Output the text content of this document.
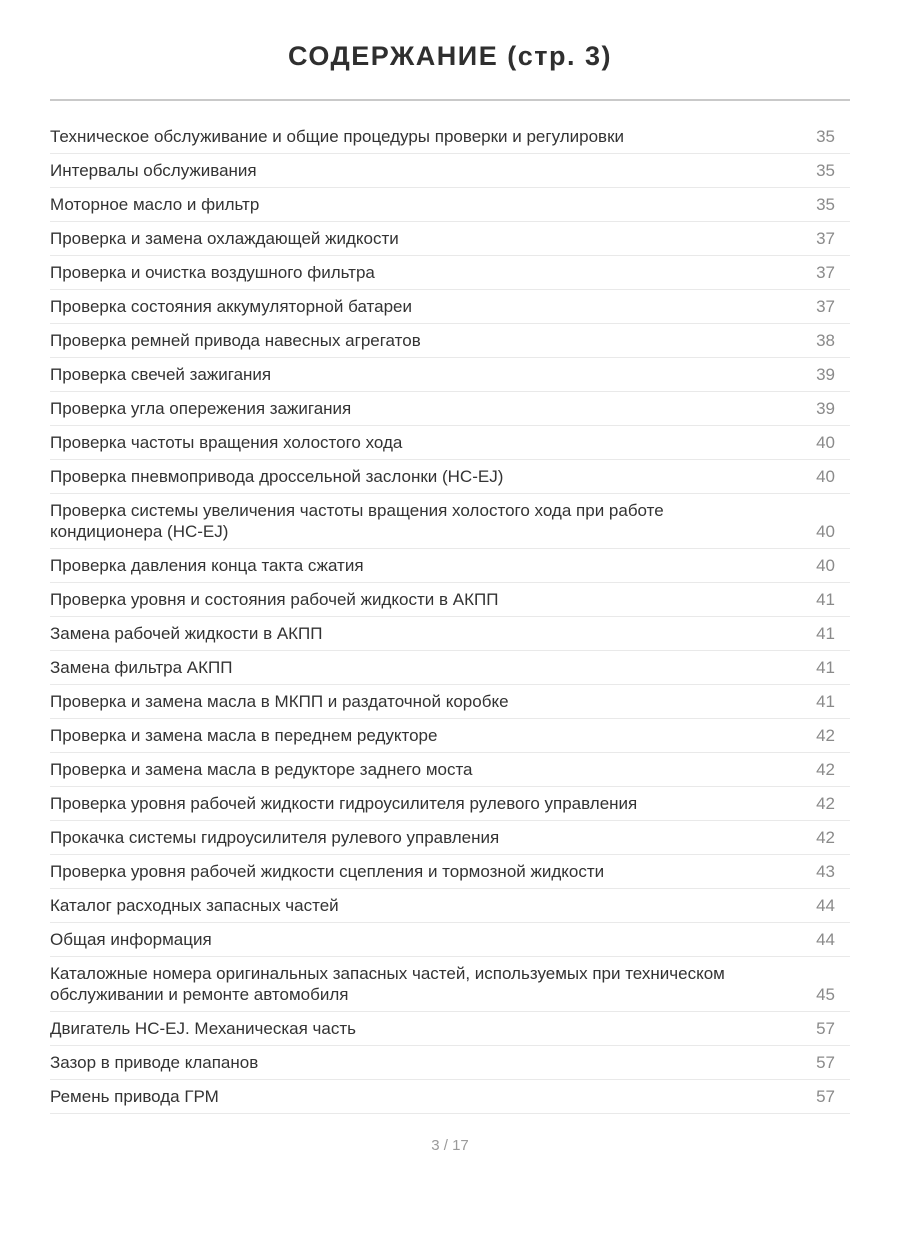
СОДЕРЖАНИЕ (стр. 3)
Техническое обслуживание и общие процедуры проверки и регулировки	35
Интервалы обслуживания	35
Моторное масло и фильтр	35
Проверка и замена охлаждающей жидкости	37
Проверка и очистка воздушного фильтра	37
Проверка состояния аккумуляторной батареи	37
Проверка ремней привода навесных агрегатов	38
Проверка свечей зажигания	39
Проверка угла опережения зажигания	39
Проверка частоты вращения холостого хода	40
Проверка пневмопривода дроссельной заслонки (HC-EJ)	40
Проверка системы увеличения частоты вращения холостого хода при работе кондиционера (HC-EJ)	40
Проверка давления конца такта сжатия	40
Проверка уровня и состояния рабочей жидкости в АКПП	41
Замена рабочей жидкости в АКПП	41
Замена фильтра АКПП	41
Проверка и замена масла в МКПП и раздаточной коробке	41
Проверка и замена масла в переднем редукторе	42
Проверка и замена масла в редукторе заднего моста	42
Проверка уровня рабочей жидкости гидроусилителя рулевого управления	42
Прокачка системы гидроусилителя рулевого управления	42
Проверка уровня рабочей жидкости сцепления и тормозной жидкости	43
Каталог расходных запасных частей	44
Общая информация	44
Каталожные номера оригинальных запасных частей, используемых при техническом обслуживании и ремонте автомобиля	45
Двигатель HC-EJ. Механическая часть	57
Зазор в приводе клапанов	57
Ремень привода ГРМ	57
3 / 17
